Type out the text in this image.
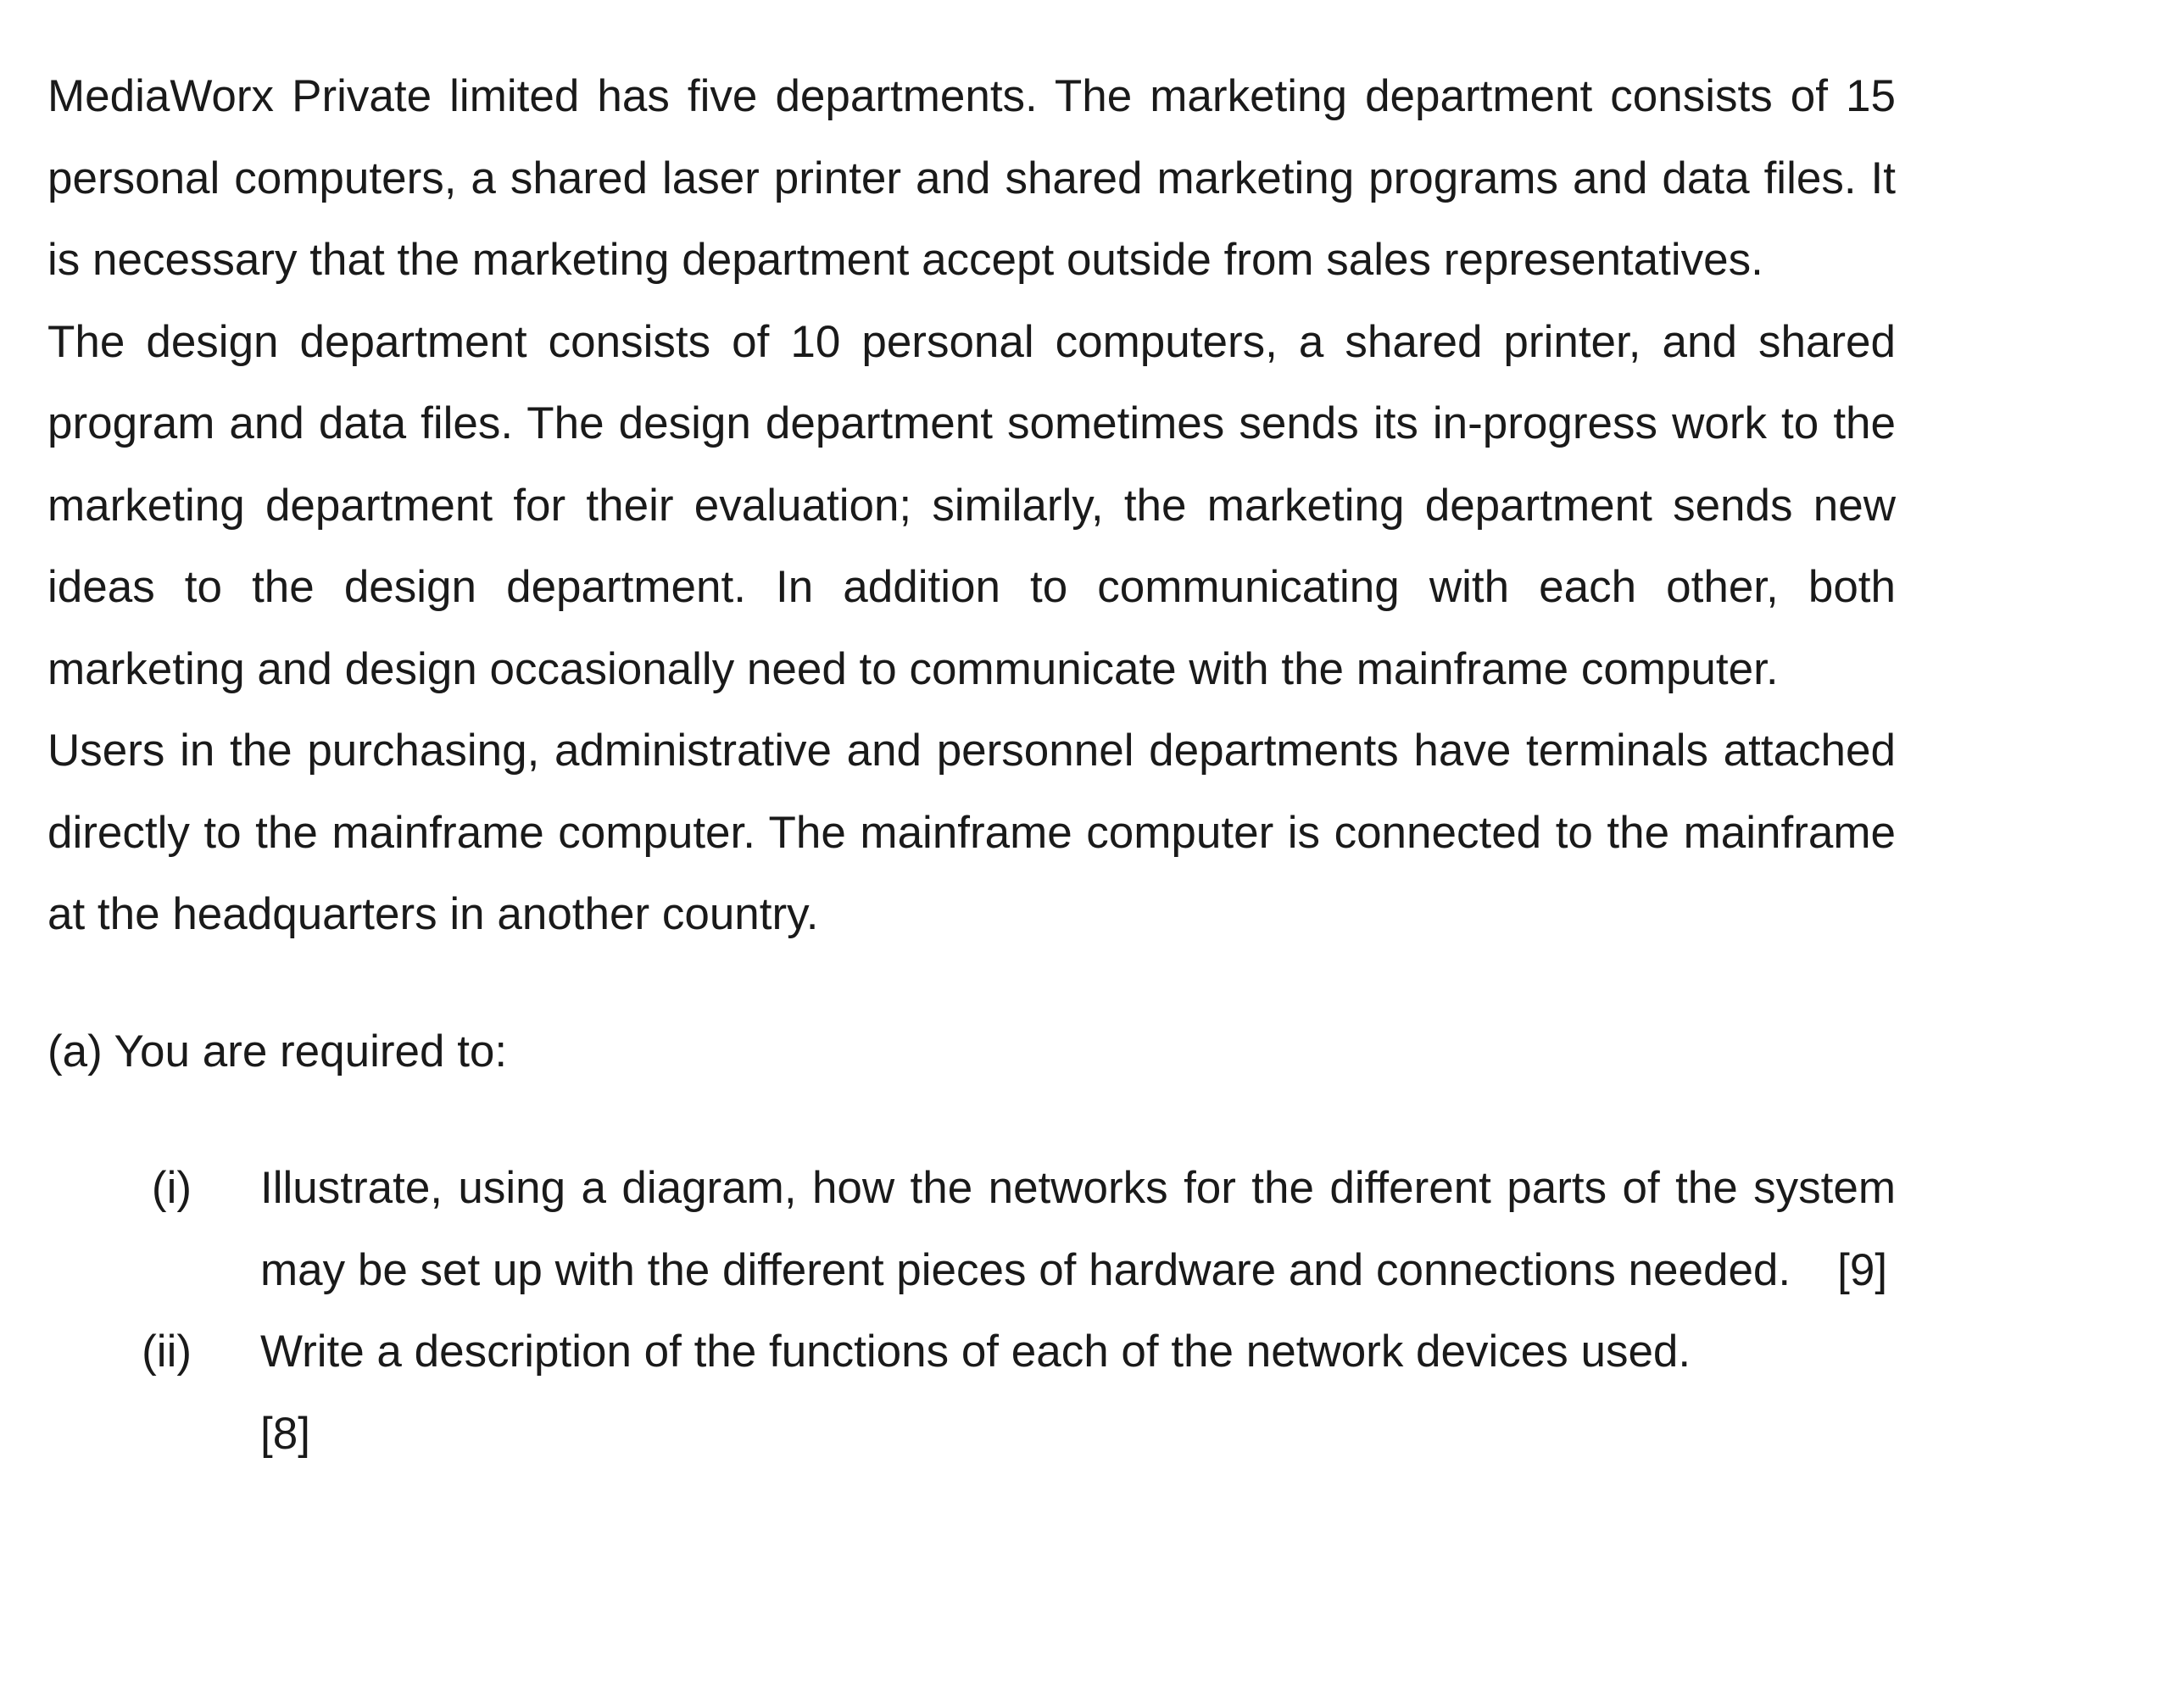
MediaWorx Private limited has five departments. The marketing department consists of 15 personal computers, a shared laser printer and shared marketing programs and data files. It is necessary that the marketing department accept outside from sales representatives.

The design department consists of 10 personal computers, a shared printer, and shared program and data files. The design department sometimes sends its in-progress work to the marketing department for their evaluation; similarly, the marketing department sends new ideas to the design department. In addition to communicating with each other, both marketing and design occasionally need to communicate with the mainframe computer.

Users in the purchasing, administrative and personnel departments have terminals attached directly to the mainframe computer. The mainframe computer is connected to the mainframe at the headquarters in another country.

(a) You are required to:
(i) Illustrate, using a diagram, how the networks for the different parts of the system may be set up with the different pieces of hardware and connections needed. [9]
(ii) Write a description of the functions of each of the network devices used.
[8]
